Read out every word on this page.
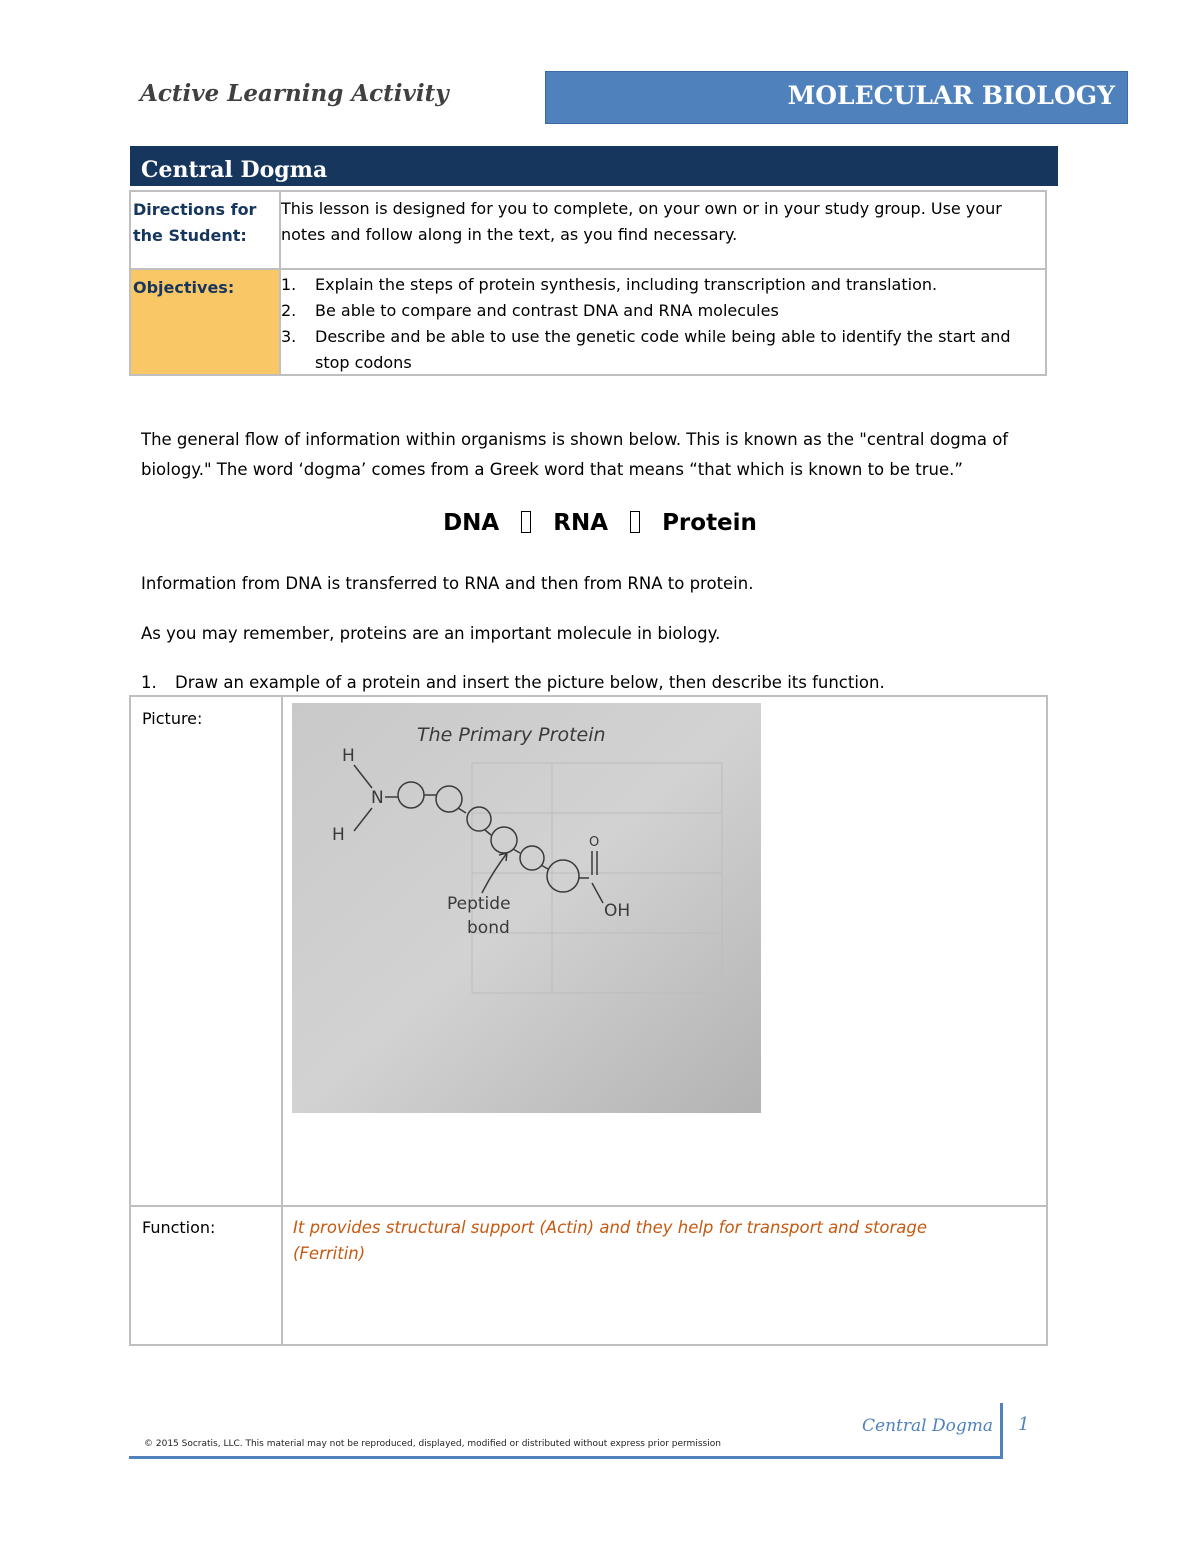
Active Learning Activity	MOLECULAR BIOLOGY
Central Dogma
Directions for the Student:
This lesson is designed for you to complete, on your own or in your study group. Use your notes and follow along in the text, as you find necessary.
Objectives:	1. Explain the steps of protein synthesis, including transcription and translation.
2. Be able to compare and contrast DNA and RNA molecules
3. Describe and be able to use the genetic code while being able to identify the start and stop codons
The general flow of information within organisms is shown below. This is known as the "central dogma of biology." The word ‘dogma’ comes from a Greek word that means “that which is known to be true.”
DNA RNA Protein
Information from DNA is transferred to RNA and then from RNA to protein.
As you may remember, proteins are an important molecule in biology.
1. Draw an example of a protein and insert the picture below, then describe its function.
Picture:
Function:	It provides structural support (Actin) and they help for transport and storage (Ferritin)
The Primary Protein
H
N
H	O
OH
Peptide
bond
Central Dogma 1
© 2015 Socratis, LLC. This material may not be reproduced, displayed, modified or distributed without express prior permission
